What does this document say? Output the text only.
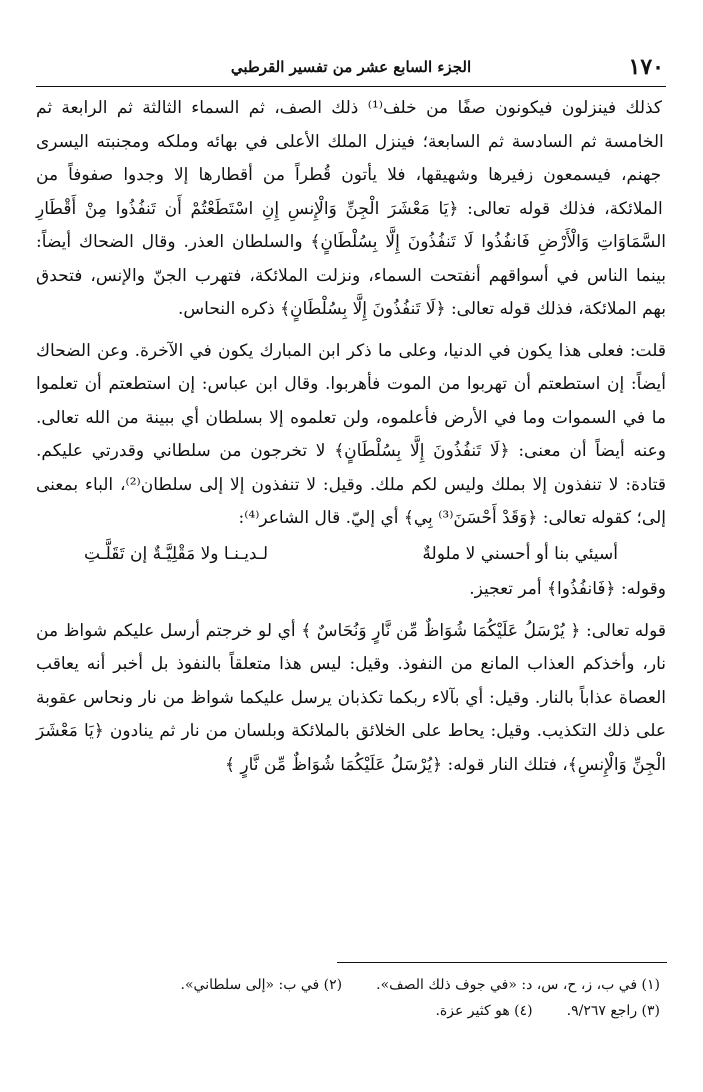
١٧٠
الجزء السابع عشر من تفسير القرطبي

كذلك فينزلون فيكونون صفًا من خلف⁽¹⁾ ذلك الصف، ثم السماء الثالثة ثم الرابعة ثم الخامسة ثم السادسة ثم السابعة؛ فينزل الملك الأعلى في بهائه وملكه ومجنبته اليسرى جهنم، فيسمعون زفيرها وشهيقها، فلا يأتون قُطراً من أقطارها إلا وجدوا صفوفاً من الملائكة، فذلك قوله تعالى: ﴿يَا مَعْشَرَ الْجِنِّ وَالْإِنسِ إِنِ اسْتَطَعْتُمْ أَن تَنفُذُوا مِنْ أَقْطَارِ السَّمَاوَاتِ وَالْأَرْضِ فَانفُذُوا لَا تَنفُذُونَ إِلَّا بِسُلْطَانٍ﴾ والسلطان العذر. وقال الضحاك أيضاً: بينما الناس في أسواقهم أنفتحت السماء، ونزلت الملائكة، فتهرب الجنّ والإنس، فتحدق بهم الملائكة، فذلك قوله تعالى: ﴿لَا تَنفُذُونَ إِلَّا بِسُلْطَانٍ﴾ ذكره النحاس.

قلت: فعلى هذا يكون في الدنيا، وعلى ما ذكر ابن المبارك يكون في الآخرة. وعن الضحاك أيضاً: إن استطعتم أن تهربوا من الموت فأهربوا. وقال ابن عباس: إن استطعتم أن تعلموا ما في السموات وما في الأرض فأعلموه، ولن تعلموه إلا بسلطان أي ببينة من الله تعالى. وعنه أيضاً أن معنى: ﴿لَا تَنفُذُونَ إِلَّا بِسُلْطَانٍ﴾ لا تخرجون من سلطاني وقدرتي عليكم. قتادة: لا تنفذون إلا بملك وليس لكم ملك. وقيل: لا تنفذون إلا إلى سلطان⁽²⁾، الباء بمعنى إلى؛ كقوله تعالى: ﴿وَقَدْ أَحْسَنَ⁽³⁾ بِي﴾ أي إليّ. قال الشاعر⁽⁴⁾:

أسيئي بنا أو أحسني لا ملولةٌ
لـديـنـا ولا مَقْلِيَّـةٌ إن تَقَلَّـتِ

وقوله: ﴿فَانفُذُوا﴾ أمر تعجيز.

قوله تعالى: ﴿ يُرْسَلُ عَلَيْكُمَا شُوَاظٌ مِّن نَّارٍ وَنُحَاسٌ ﴾ أي لو خرجتم أرسل عليكم شواظ من نار، وأخذكم العذاب المانع من النفوذ. وقيل: ليس هذا متعلقاً بالنفوذ بل أخبر أنه يعاقب العصاة عذاباً بالنار. وقيل: أي بآلاء ربكما تكذبان يرسل عليكما شواظ من نار ونحاس عقوبة على ذلك التكذيب. وقيل: يحاط على الخلائق بالملائكة وبلسان من نار ثم ينادون ﴿يَا مَعْشَرَ الْجِنِّ وَالْإِنسِ﴾، فتلك النار قوله: ﴿يُرْسَلُ عَلَيْكُمَا شُوَاظٌ مِّن نَّارٍ ﴾

(١) في ب، ز، ح، س، د: «في جوف ذلك الصف».
(٢) في ب: «إلى سلطاني».
(٣) راجع ٩/٢٦٧.
(٤) هو كثير عزة.
